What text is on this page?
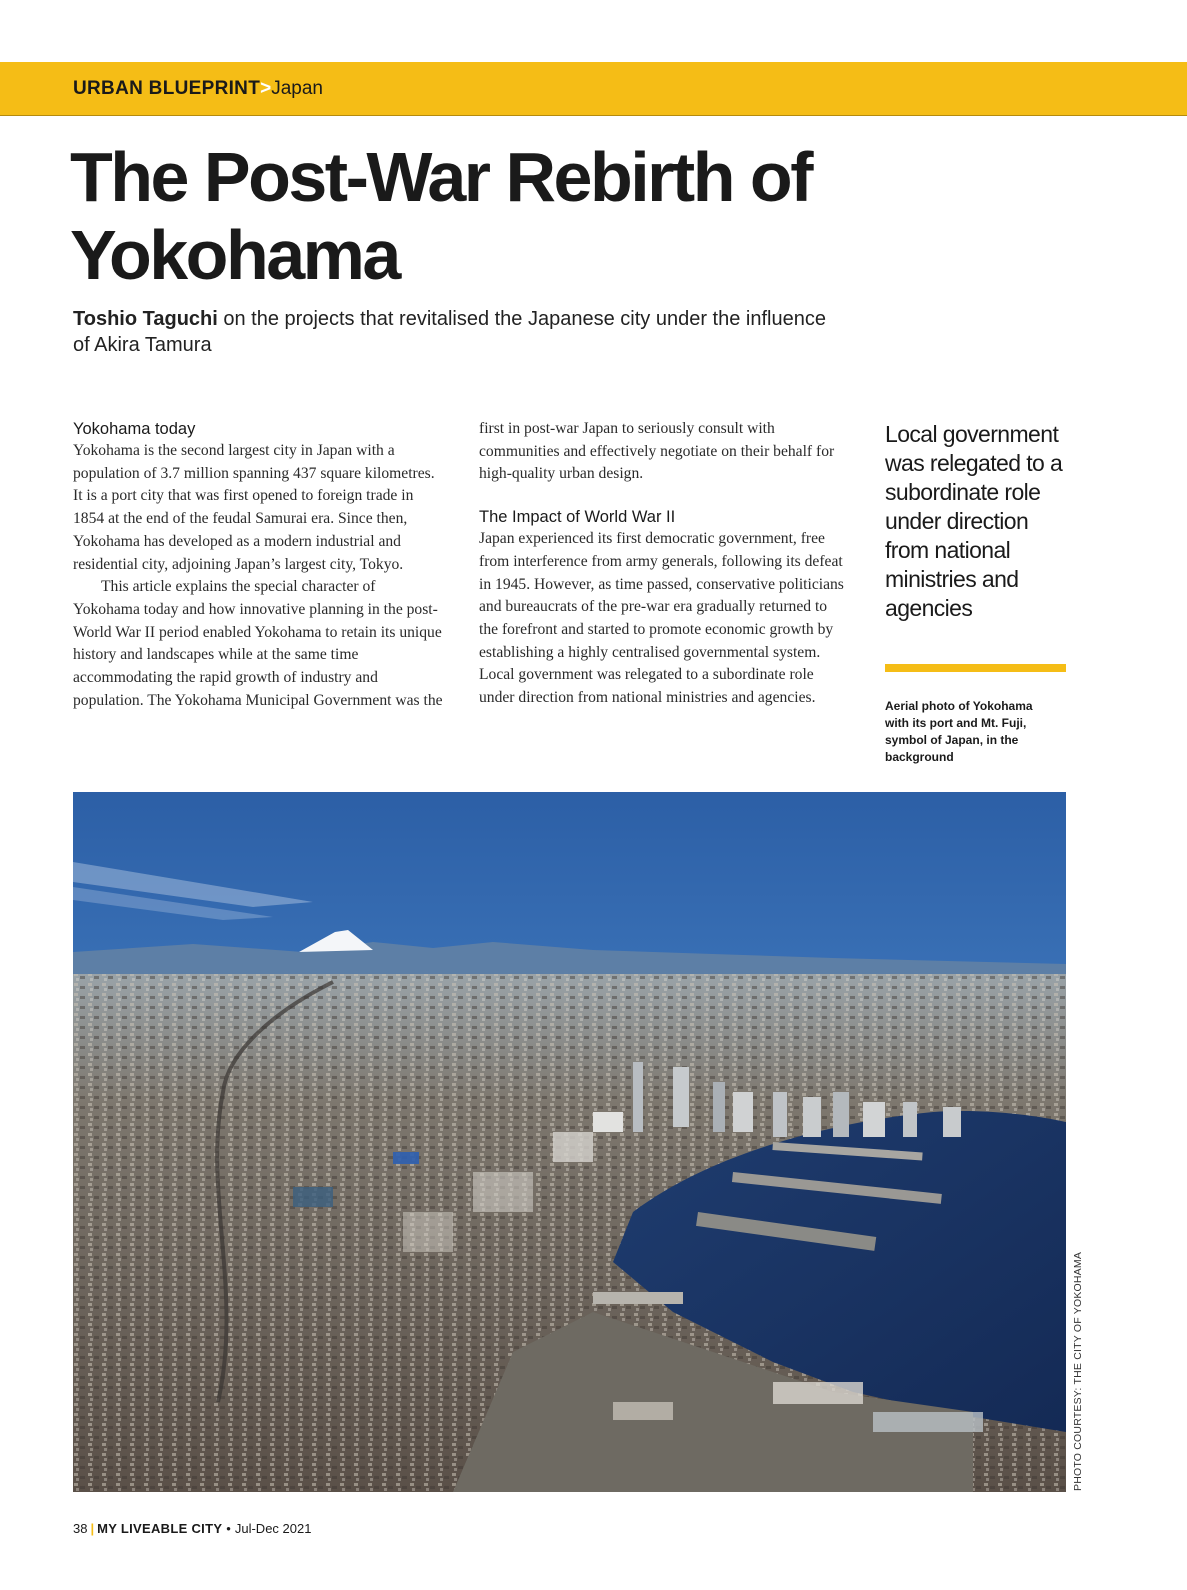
URBAN BLUEPRINT>Japan
The Post-War Rebirth of
Yokohama

Toshio Taguchi on the projects that revitalised the Japanese city under the influence of Akira Tamura

Yokohama today

Yokohama is the second largest city in Japan with a population of 3.7 million spanning 437 square kilometres. It is a port city that was first opened to foreign trade in 1854 at the end of the feudal Samurai era. Since then, Yokohama has developed as a modern industrial and residential city, adjoining Japan’s largest city, Tokyo.

This article explains the special character of Yokohama today and how innovative planning in the post-World War II period enabled Yokohama to retain its unique history and landscapes while at the same time accommodating the rapid growth of industry and population. The Yokohama Municipal Government was the

first in post-war Japan to seriously consult with communities and effectively negotiate on their behalf for high-quality urban design.

The Impact of World War II

Japan experienced its first democratic government, free from interference from army generals, following its defeat in 1945. However, as time passed, conservative politicians and bureaucrats of the pre-war era gradually returned to the forefront and started to promote economic growth by establishing a highly centralised governmental system. Local government was relegated to a subordinate role under direction from national ministries and agencies.

Local government was relegated to a subordinate role under direction from national ministries and agencies

Aerial photo of Yokohama with its port and Mt. Fuji, symbol of Japan, in the background

PHOTO COURTESY: THE CITY OF YOKOHAMA
38 | MY LIVEABLE CITY • Jul-Dec 2021
